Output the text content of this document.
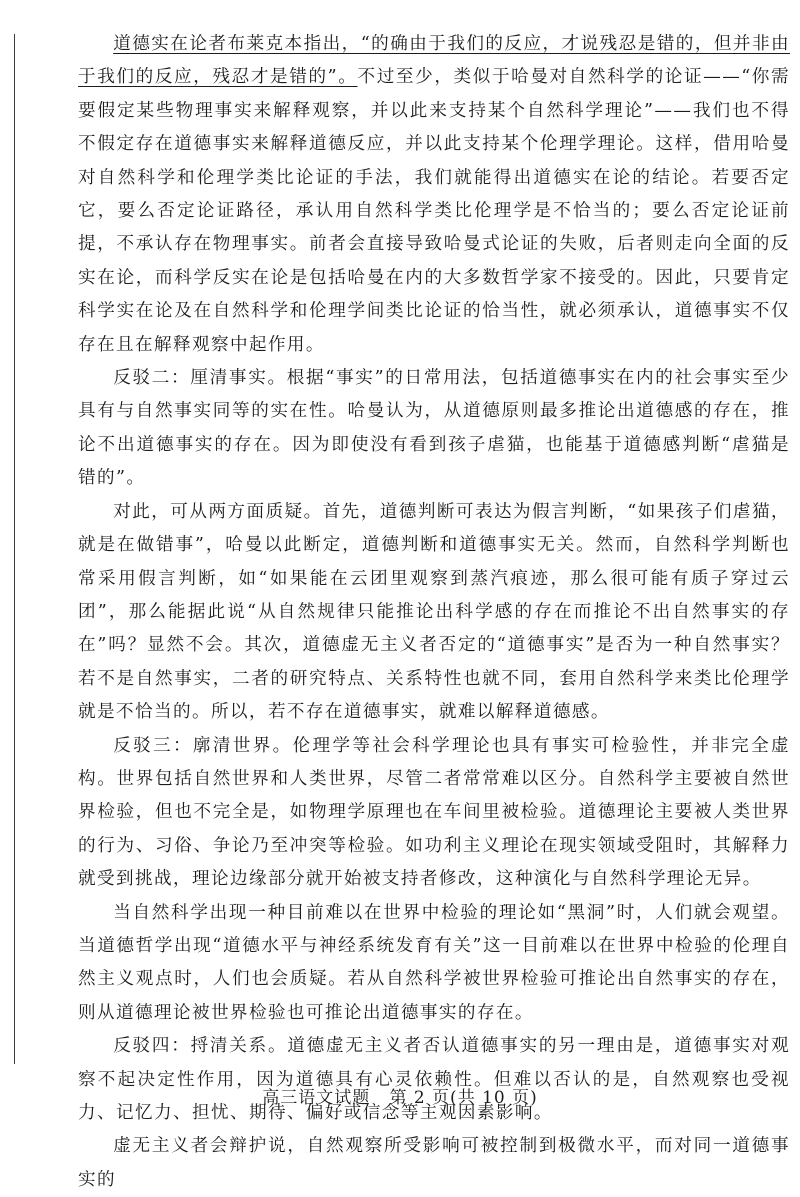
道德实在论者布莱克本指出，“的确由于我们的反应，才说残忍是错的，但并非由于我们的反应，残忍才是错的”。不过至少，类似于哈曼对自然科学的论证——“你需要假定某些物理事实来解释观察，并以此来支持某个自然科学理论”——我们也不得不假定存在道德事实来解释道德反应，并以此支持某个伦理学理论。这样，借用哈曼对自然科学和伦理学类比论证的手法，我们就能得出道德实在论的结论。若要否定它，要么否定论证路径，承认用自然科学类比伦理学是不恰当的；要么否定论证前提，不承认存在物理事实。前者会直接导致哈曼式论证的失败，后者则走向全面的反实在论，而科学反实在论是包括哈曼在内的大多数哲学家不接受的。因此，只要肯定科学实在论及在自然科学和伦理学间类比论证的恰当性，就必须承认，道德事实不仅存在且在解释观察中起作用。

反驳二：厘清事实。根据“事实”的日常用法，包括道德事实在内的社会事实至少具有与自然事实同等的实在性。哈曼认为，从道德原则最多推论出道德感的存在，推论不出道德事实的存在。因为即使没有看到孩子虐猫，也能基于道德感判断“虐猫是错的”。

对此，可从两方面质疑。首先，道德判断可表达为假言判断，“如果孩子们虐猫，就是在做错事”，哈曼以此断定，道德判断和道德事实无关。然而，自然科学判断也常采用假言判断，如“如果能在云团里观察到蒸汽痕迹，那么很可能有质子穿过云团”，那么能据此说“从自然规律只能推论出科学感的存在而推论不出自然事实的存在”吗？显然不会。其次，道德虚无主义者否定的“道德事实”是否为一种自然事实？若不是自然事实，二者的研究特点、关系特性也就不同，套用自然科学来类比伦理学就是不恰当的。所以，若不存在道德事实，就难以解释道德感。

反驳三：廓清世界。伦理学等社会科学理论也具有事实可检验性，并非完全虚构。世界包括自然世界和人类世界，尽管二者常常难以区分。自然科学主要被自然世界检验，但也不完全是，如物理学原理也在车间里被检验。道德理论主要被人类世界的行为、习俗、争论乃至冲突等检验。如功利主义理论在现实领域受阻时，其解释力就受到挑战，理论边缘部分就开始被支持者修改，这种演化与自然科学理论无异。

当自然科学出现一种目前难以在世界中检验的理论如“黑洞”时，人们就会观望。当道德哲学出现“道德水平与神经系统发育有关”这一目前难以在世界中检验的伦理自然主义观点时，人们也会质疑。若从自然科学被世界检验可推论出自然事实的存在，则从道德理论被世界检验也可推论出道德事实的存在。

反驳四：捋清关系。道德虚无主义者否认道德事实的另一理由是，道德事实对观察不起决定性作用，因为道德具有心灵依赖性。但难以否认的是，自然观察也受视力、记忆力、担忧、期待、偏好或信念等主观因素影响。

虚无主义者会辩护说，自然观察所受影响可被控制到极微水平，而对同一道德事实的

高三语文试题 第 2 页(共 10 页)
